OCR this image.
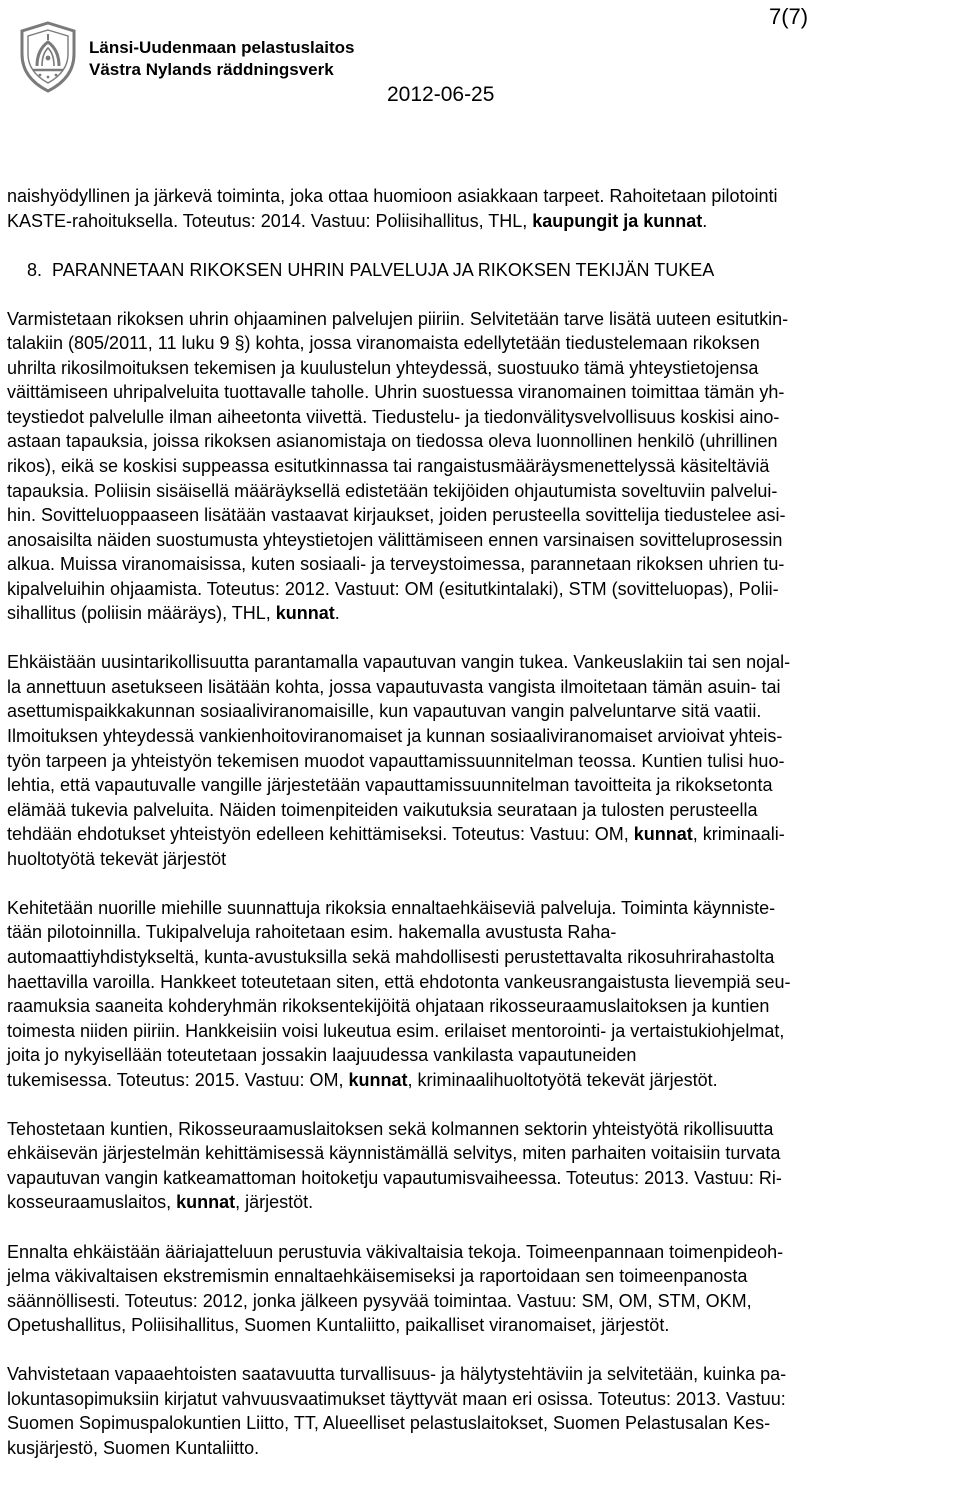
Länsi-Uudenmaan pelastuslaitos
Västra Nylands räddningsverk
2012-06-25
7(7)

naishyödyllinen ja järkevä toiminta, joka ottaa huomioon asiakkaan tarpeet. Rahoitetaan pilotointi
KASTE-rahoituksella. Toteutus: 2014. Vastuu: Poliisihallitus, THL, kaupungit ja kunnat.

8. PARANNETAAN RIKOKSEN UHRIN PALVELUJA JA RIKOKSEN TEKIJÄN TUKEA

Varmistetaan rikoksen uhrin ohjaaminen palvelujen piiriin. Selvitetään tarve lisätä uuteen esitutkin-
talakiin (805/2011, 11 luku 9 §) kohta, jossa viranomaista edellytetään tiedustelemaan rikoksen
uhrilta rikosilmoituksen tekemisen ja kuulustelun yhteydessä, suostuuko tämä yhteystietojensa
väittämiseen uhripalveluita tuottavalle taholle. Uhrin suostuessa viranomainen toimittaa tämän yh-
teystiedot palvelulle ilman aiheetonta viivettä. Tiedustelu- ja tiedonvälitysvelvollisuus koskisi aino-
astaan tapauksia, joissa rikoksen asianomistaja on tiedossa oleva luonnollinen henkilö (uhrillinen
rikos), eikä se koskisi suppeassa esitutkinnassa tai rangaistusmääräysmenettelyssä käsiteltäviä
tapauksia. Poliisin sisäisellä määräyksellä edistetään tekijöiden ohjautumista soveltuviin palvelui-
hin. Sovitteluoppaaseen lisätään vastaavat kirjaukset, joiden perusteella sovittelija tiedustelee asi-
anosaisilta näiden suostumusta yhteystietojen välittämiseen ennen varsinaisen sovitteluprosessin
alkua. Muissa viranomaisissa, kuten sosiaali- ja terveystoimessa, parannetaan rikoksen uhrien tu-
kipalveluihin ohjaamista. Toteutus: 2012. Vastuut: OM (esitutkintalaki), STM (sovitteluopas), Polii-
sihallitus (poliisin määräys), THL, kunnat.

Ehkäistään uusintarikollisuutta parantamalla vapautuvan vangin tukea. Vankeuslakiin tai sen nojal-
la annettuun asetukseen lisätään kohta, jossa vapautuvasta vangista ilmoitetaan tämän asuin- tai
asettumispaikkakunnan sosiaaliviranomaisille, kun vapautuvan vangin palveluntarve sitä vaatii.
Ilmoituksen yhteydessä vankienhoitoviranomaiset ja kunnan sosiaaliviranomaiset arvioivat yhteis-
työn tarpeen ja yhteistyön tekemisen muodot vapauttamissuunnitelman teossa. Kuntien tulisi huo-
lehtia, että vapautuvalle vangille järjestetään vapauttamissuunnitelman tavoitteita ja rikoksetonta
elämää tukevia palveluita. Näiden toimenpiteiden vaikutuksia seurataan ja tulosten perusteella
tehdään ehdotukset yhteistyön edelleen kehittämiseksi. Toteutus: Vastuu: OM, kunnat, kriminaali-
huoltotyötä tekevät järjestöt

Kehitetään nuorille miehille suunnattuja rikoksia ennaltaehkäiseviä palveluja. Toiminta käynniste-
tään pilotoinnilla. Tukipalveluja rahoitetaan esim. hakemalla avustusta Raha-
automaattiyhdistykseltä, kunta-avustuksilla sekä mahdollisesti perustettavalta rikosuhrirahastolta
haettavilla varoilla. Hankkeet toteutetaan siten, että ehdotonta vankeusrangaistusta lievempiä seu-
raamuksia saaneita kohderyhmän rikoksentekijöitä ohjataan rikosseuraamuslaitoksen ja kuntien
toimesta niiden piiriin. Hankkeisiin voisi lukeutua esim. erilaiset mentorointi- ja vertaistukiohjelmat,
joita jo nykyisellään toteutetaan jossakin laajuudessa vankilasta vapautuneiden
tukemisessa. Toteutus: 2015. Vastuu: OM, kunnat, kriminaalihuoltotyötä tekevät järjestöt.

Tehostetaan kuntien, Rikosseuraamuslaitoksen sekä kolmannen sektorin yhteistyötä rikollisuutta
ehkäisevän järjestelmän kehittämisessä käynnistämällä selvitys, miten parhaiten voitaisiin turvata
vapautuvan vangin katkeamattoman hoitoketju vapautumisvaiheessa. Toteutus: 2013. Vastuu: Ri-
kosseuraamuslaitos, kunnat, järjestöt.

Ennalta ehkäistään ääriajatteluun perustuvia väkivaltaisia tekoja. Toimeenpannaan toimenpideoh-
jelma väkivaltaisen ekstremismin ennaltaehkäisemiseksi ja raportoidaan sen toimeenpanosta
säännöllisesti. Toteutus: 2012, jonka jälkeen pysyvää toimintaa. Vastuu: SM, OM, STM, OKM,
Opetushallitus, Poliisihallitus, Suomen Kuntaliitto, paikalliset viranomaiset, järjestöt.

Vahvistetaan vapaaehtoisten saatavuutta turvallisuus- ja hälytystehtäviin ja selvitetään, kuinka pa-
lokuntasopimuksiin kirjatut vahvuusvaatimukset täyttyvät maan eri osissa. Toteutus: 2013. Vastuu:
Suomen Sopimuspalokuntien Liitto, TT, Alueelliset pelastuslaitokset, Suomen Pelastusalan Kes-
kusjärjestö, Suomen Kuntaliitto.
